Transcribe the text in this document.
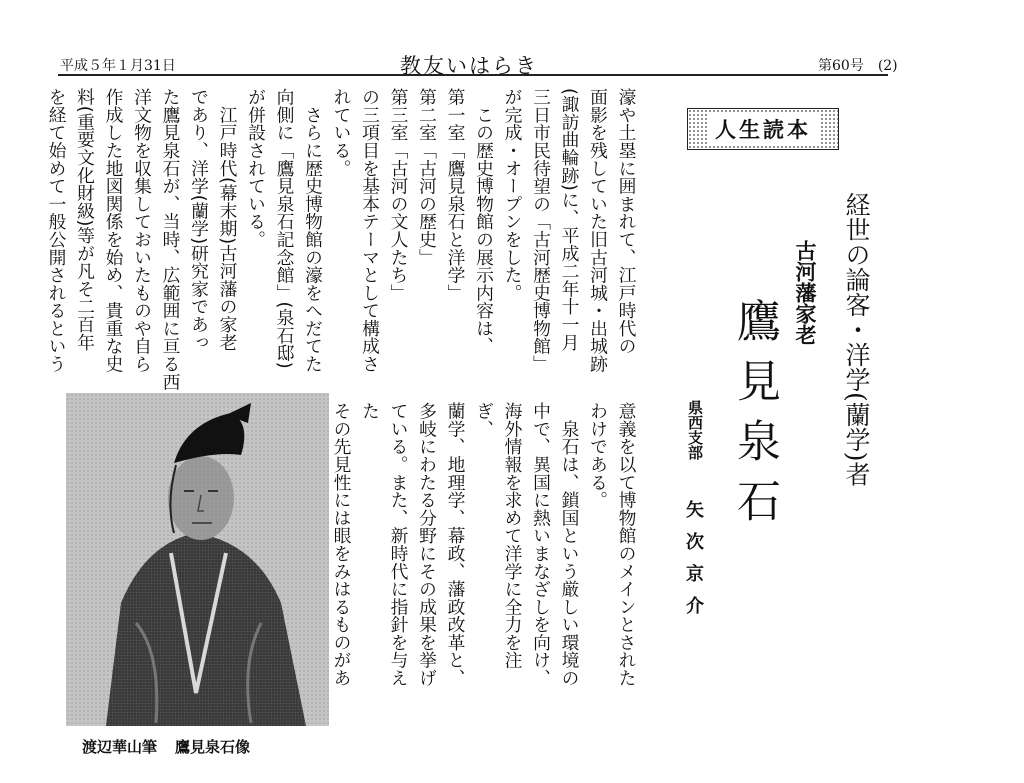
平成５年１月31日	教友いはらき	第60号　(2)
濠や土塁に囲まれて、江戸時代の
面影を残していた旧古河城・出城跡
(諏訪曲輪跡)に、平成二年十一月
三日市民待望の「古河歴史博物館」
が完成・オープンをした。
　この歴史博物館の展示内容は、
第一室「鷹見泉石と洋学」
第二室「古河の歴史」
第三室「古河の文人たち」
の三項目を基本テーマとして構成さ
れている。
　さらに歴史博物館の濠をへだてた
向側に「鷹見泉石記念館」(泉石邸)
が併設されている。
　江戸時代(幕末期)古河藩の家老
であり、洋学(蘭学)研究家であっ
た鷹見泉石が、当時、広範囲に亘る西
洋文物を収集しておいたものや自ら
作成した地図関係を始め、貴重な史
料(重要文化財級)等が凡そ二百年
を経て始めて一般公開されるという
意義を以て博物館のメインとされた
わけである。
　泉石は、鎖国という厳しい環境の
中で、異国に熱いまなざしを向け、
海外情報を求めて洋学に全力を注ぎ、
蘭学、地理学、幕政、藩政改革と、
多岐にわたる分野にその成果を挙げ
ている。また、新時代に指針を与えた
その先見性には眼をみはるものがあ

人生読本
経世の論客・洋学(蘭学)者
古河藩家老
鷹見泉石
県西支部
矢次京介
渡辺華山筆 鷹見泉石像
